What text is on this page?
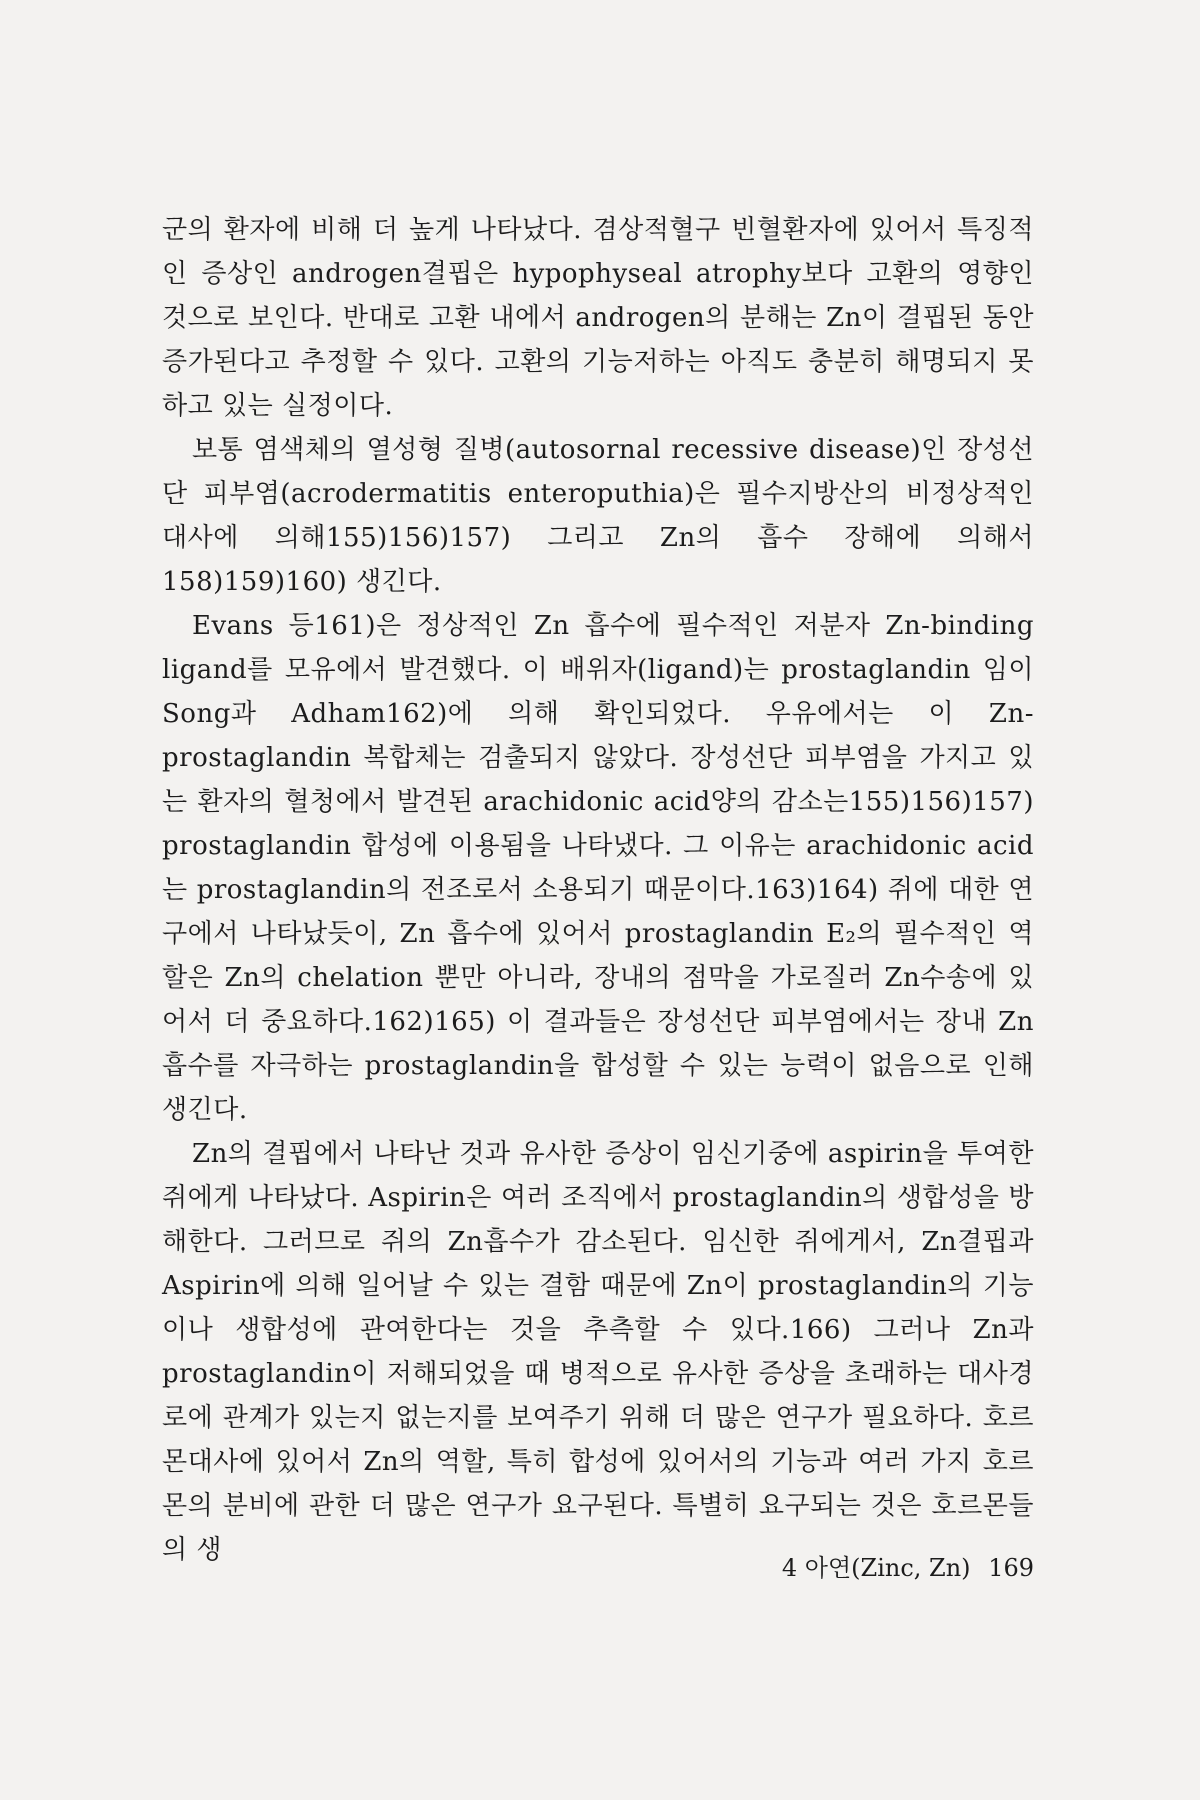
군의 환자에 비해 더 높게 나타났다. 겸상적혈구 빈혈환자에 있어서 특징적인 증상인 androgen결핍은 hypophyseal atrophy보다 고환의 영향인 것으로 보인다. 반대로 고환 내에서 androgen의 분해는 Zn이 결핍된 동안 증가된다고 추정할 수 있다. 고환의 기능저하는 아직도 충분히 해명되지 못하고 있는 실정이다.

보통 염색체의 열성형 질병(autosornal recessive disease)인 장성선단 피부염(acrodermatitis enteroputhia)은 필수지방산의 비정상적인 대사에 의해155)156)157) 그리고 Zn의 흡수 장해에 의해서158)159)160) 생긴다.

Evans 등161)은 정상적인 Zn 흡수에 필수적인 저분자 Zn-binding ligand를 모유에서 발견했다. 이 배위자(ligand)는 prostaglandin 임이 Song과 Adham162)에 의해 확인되었다. 우유에서는 이 Zn-prostaglandin 복합체는 검출되지 않았다. 장성선단 피부염을 가지고 있는 환자의 혈청에서 발견된 arachidonic acid양의 감소는155)156)157) prostaglandin 합성에 이용됨을 나타냈다. 그 이유는 arachidonic acid는 prostaglandin의 전조로서 소용되기 때문이다.163)164) 쥐에 대한 연구에서 나타났듯이, Zn 흡수에 있어서 prostaglandin E₂의 필수적인 역할은 Zn의 chelation 뿐만 아니라, 장내의 점막을 가로질러 Zn수송에 있어서 더 중요하다.162)165) 이 결과들은 장성선단 피부염에서는 장내 Zn 흡수를 자극하는 prostaglandin을 합성할 수 있는 능력이 없음으로 인해 생긴다.

Zn의 결핍에서 나타난 것과 유사한 증상이 임신기중에 aspirin을 투여한 쥐에게 나타났다. Aspirin은 여러 조직에서 prostaglandin의 생합성을 방해한다. 그러므로 쥐의 Zn흡수가 감소된다. 임신한 쥐에게서, Zn결핍과 Aspirin에 의해 일어날 수 있는 결함 때문에 Zn이 prostaglandin의 기능이나 생합성에 관여한다는 것을 추측할 수 있다.166) 그러나 Zn과 prostaglandin이 저해되었을 때 병적으로 유사한 증상을 초래하는 대사경로에 관계가 있는지 없는지를 보여주기 위해 더 많은 연구가 필요하다. 호르몬대사에 있어서 Zn의 역할, 특히 합성에 있어서의 기능과 여러 가지 호르몬의 분비에 관한 더 많은 연구가 요구된다. 특별히 요구되는 것은 호르몬들의 생

4 아연(Zinc, Zn) 169
